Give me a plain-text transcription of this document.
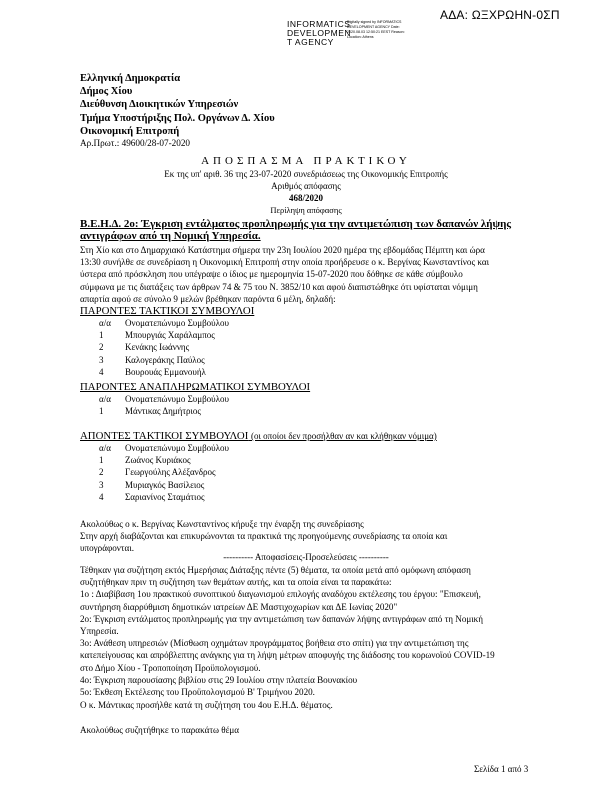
ΑΔΑ: ΩΞΧΡΩΗΝ-0ΣΠ
INFORMATICS
DEVELOPMEN
T AGENCY
Digitally signed by INFORMATICS DEVELOPMENT AGENCY Date: 2020.08.03 12:50:21 EEST Reason: Location: Athens
Ελληνική Δημοκρατία
Δήμος Χίου
Διεύθυνση Διοικητικών Υπηρεσιών
Τμήμα Υποστήριξης Πολ. Οργάνων Δ. Χίου
Οικονομική Επιτροπή
Αρ.Πρωτ.: 49600/28-07-2020
ΑΠΟΣΠΑΣΜΑ ΠΡΑΚΤΙΚΟΥ
Εκ της υπ' αριθ. 36 της 23-07-2020 συνεδριάσεως της Οικονομικής Επιτροπής
Αριθμός απόφασης
468/2020
Περίληψη απόφασης
Β.Ε.Η.Δ. 2ο: Έγκριση εντάλματος προπληρωμής για την αντιμετώπιση των δαπανών λήψης αντιγράφων από τη Νομική Υπηρεσία.
Στη Χίο και στο Δημαρχιακό Κατάστημα σήμερα την 23η Ιουλίου 2020 ημέρα της εβδομάδας Πέμπτη και ώρα
13:30 συνήλθε σε συνεδρίαση η Οικονομική Επιτροπή στην οποία προήδρευσε ο κ. Βεργίνας Κωνσταντίνος και
ύστερα από πρόσκληση που υπέγραψε ο ίδιος με ημερομηνία 15-07-2020 που δόθηκε σε κάθε σύμβουλο
σύμφωνα με τις διατάξεις των άρθρων 74 & 75 του Ν. 3852/10 και αφού διαπιστώθηκε ότι υφίσταται νόμιμη
απαρτία αφού σε σύνολο 9 μελών βρέθηκαν παρόντα 6 μέλη, δηλαδή:
ΠΑΡΟΝΤΕΣ ΤΑΚΤΙΚΟΙ ΣΥΜΒΟΥΛΟΙ
α/α	Ονοματεπώνυμο Συμβούλου
1	Μπουργιάς Χαράλαμπος
2	Κενάκης Ιωάννης
3	Καλογεράκης Παύλος
4	Βουρουάς Εμμανουήλ
ΠΑΡΟΝΤΕΣ ΑΝΑΠΛΗΡΩΜΑΤΙΚΟΙ ΣΥΜΒΟΥΛΟΙ
α/α	Ονοματεπώνυμο Συμβούλου
1	Μάντικας Δημήτριος
ΑΠΟΝΤΕΣ ΤΑΚΤΙΚΟΙ ΣΥΜΒΟΥΛΟΙ (οι οποίοι δεν προσήλθαν αν και κλήθηκαν νόμιμα)
α/α	Ονοματεπώνυμο Συμβούλου
1	Ζωάνος Κυριάκος
2	Γεωργούλης Αλέξανδρος
3	Μυριαγκός Βασίλειος
4	Σαριανίνος Σταμάτιος
Ακολούθως ο κ. Βεργίνας Κωνσταντίνος κήρυξε την έναρξη της συνεδρίασης
Στην αρχή διαβάζονται και επικυρώνονται τα πρακτικά της προηγούμενης συνεδρίασης τα οποία και
υπογράφονται.
---------- Αποφασίσεις-Προσελεύσεις ----------
Τέθηκαν για συζήτηση εκτός Ημερήσιας Διάταξης πέντε (5) θέματα, τα οποία μετά από ομόφωνη απόφαση
συζητήθηκαν πριν τη συζήτηση των θεμάτων αυτής, και τα οποία είναι τα παρακάτω:
1ο : Διαβίβαση 1ου πρακτικού συνοπτικού διαγωνισμού επιλογής αναδόχου εκτέλεσης του έργου: "Επισκευή,
συντήρηση διαρρύθμιση δημοτικών ιατρείων ΔΕ Μαστιχοχωρίων και ΔΕ Ιωνίας 2020"
2ο: Έγκριση εντάλματος προπληρωμής για την αντιμετώπιση των δαπανών λήψης αντιγράφων από τη Νομική
Υπηρεσία.
3ο: Ανάθεση υπηρεσιών (Μίσθωση οχημάτων προγράμματος βοήθεια στο σπίτι) για την αντιμετώπιση της
κατεπείγουσας και απρόβλεπτης ανάγκης για τη λήψη μέτρων αποφυγής της διάδοσης του κορωνοϊού COVID-19
στο Δήμο Χίου - Τροποποίηση Προϋπολογισμού.
4ο: Έγκριση παρουσίασης βιβλίου στις 29 Ιουλίου στην πλατεία Βουνακίου
5ο: Έκθεση Εκτέλεσης του Προϋπολογισμού Β' Τριμήνου 2020.
Ο κ. Μάντικας προσήλθε κατά τη συζήτηση του 4ου Ε.Η.Δ. θέματος.
Ακολούθως συζητήθηκε το παρακάτω θέμα
Σελίδα 1 από 3
